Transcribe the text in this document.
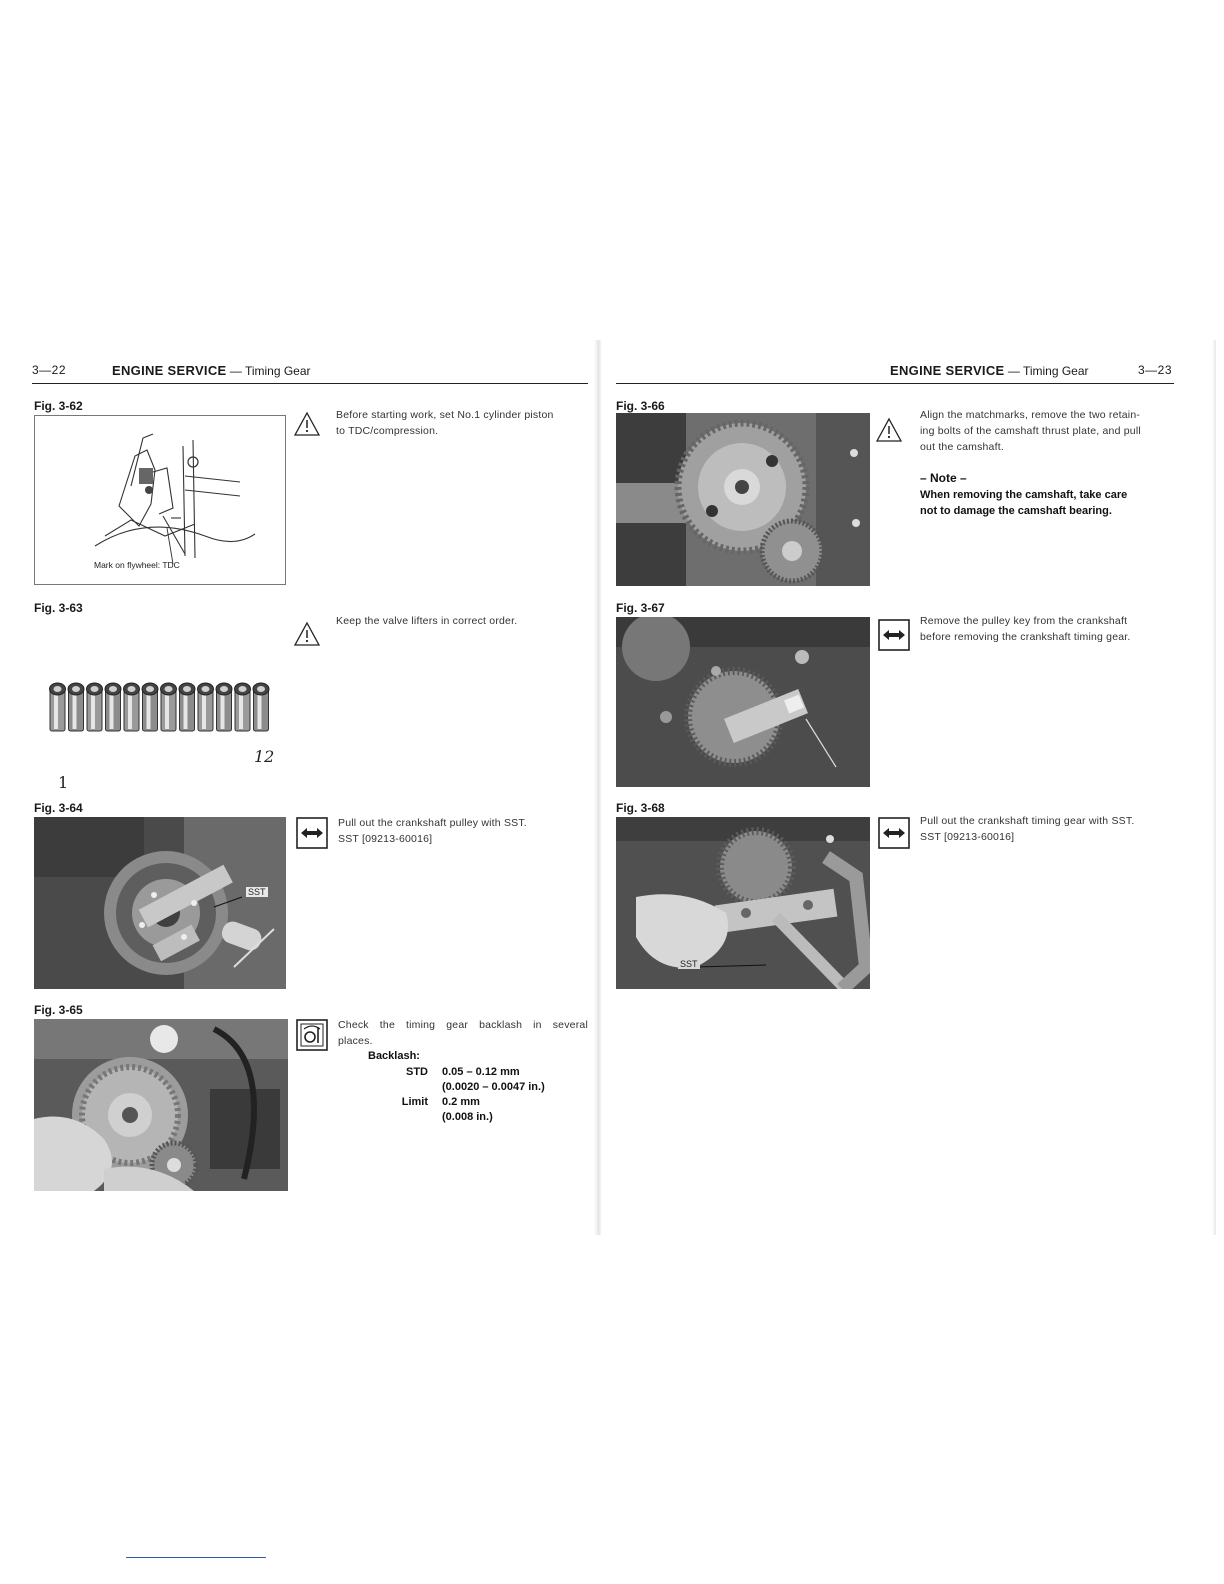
3—22	ENGINE SERVICE — Timing Gear
Fig. 3-62
Mark on flywheel: TDC
Before starting work, set No.1 cylinder piston
to TDC/compression.
Fig. 3-63
1
12
Keep the valve lifters in correct order.
Fig. 3-64
SST
Pull out the crankshaft pulley with SST.
SST [09213-60016]
Fig. 3-65
Check the timing gear backlash in several
places.
Backlash:
STD	0.05 – 0.12 mm
(0.0020 – 0.0047 in.)
Limit	0.2 mm
(0.008 in.)
ENGINE SERVICE — Timing Gear	3—23
Fig. 3-66
Align the matchmarks, remove the two retain-
ing bolts of the camshaft thrust plate, and pull
out the camshaft.
– Note –
When removing the camshaft, take care
not to damage the camshaft bearing.
Fig. 3-67
Remove the pulley key from the crankshaft
before removing the crankshaft timing gear.
Fig. 3-68
SST
Pull out the crankshaft timing gear with SST.
SST [09213-60016]
